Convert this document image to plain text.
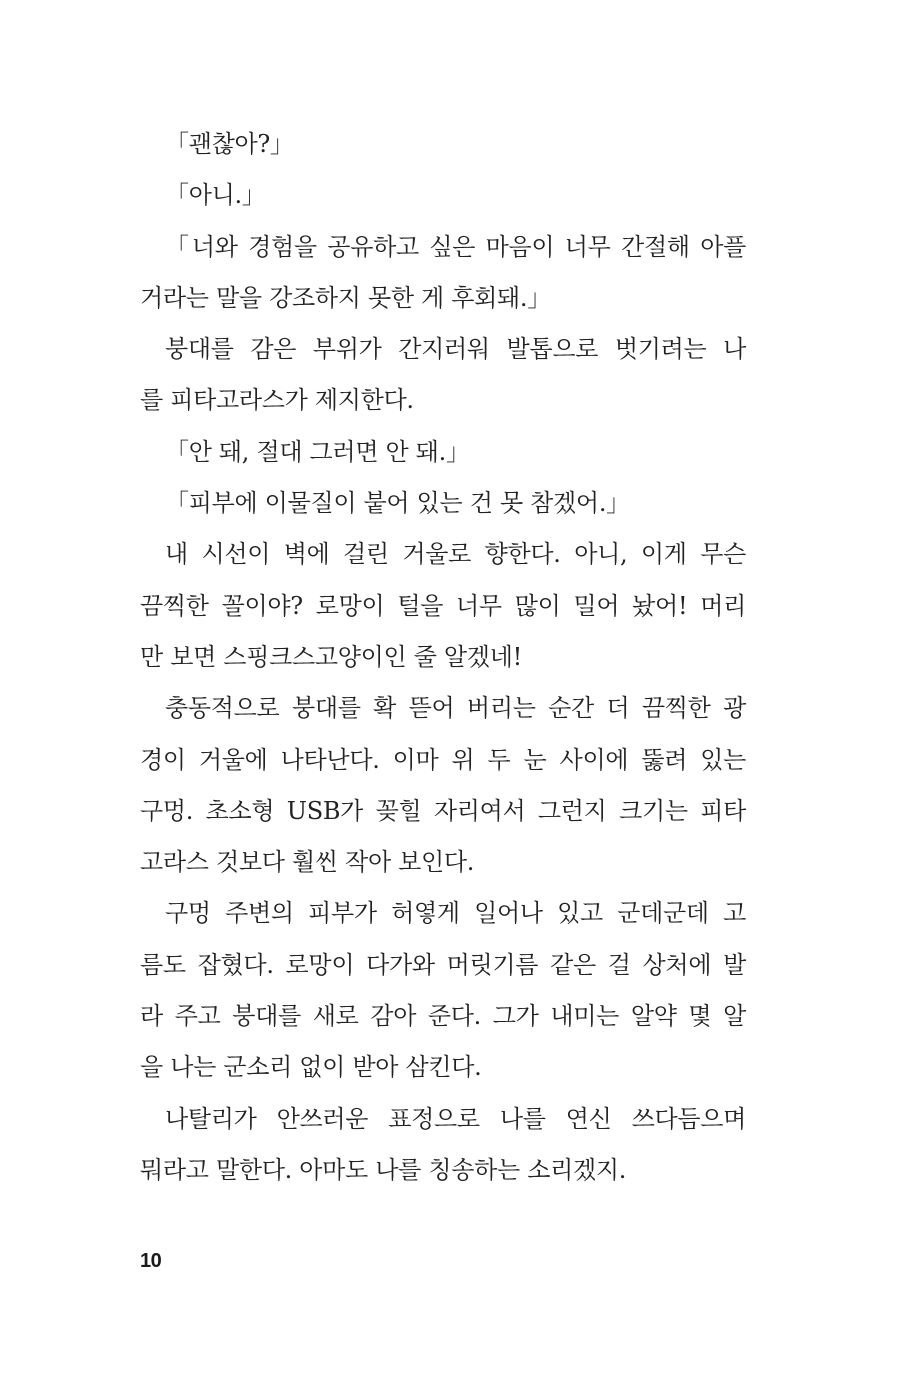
「괜찮아?」
「아니.」
「너와 경험을 공유하고 싶은 마음이 너무 간절해 아플
거라는 말을 강조하지 못한 게 후회돼.」
붕대를 감은 부위가 간지러워 발톱으로 벗기려는 나
를 피타고라스가 제지한다.
「안 돼, 절대 그러면 안 돼.」
「피부에 이물질이 붙어 있는 건 못 참겠어.」
내 시선이 벽에 걸린 거울로 향한다. 아니, 이게 무슨
끔찍한 꼴이야? 로망이 털을 너무 많이 밀어 놨어! 머리
만 보면 스핑크스고양이인 줄 알겠네!
충동적으로 붕대를 확 뜯어 버리는 순간 더 끔찍한 광
경이 거울에 나타난다. 이마 위 두 눈 사이에 뚫려 있는
구멍. 초소형 USB가 꽂힐 자리여서 그런지 크기는 피타
고라스 것보다 훨씬 작아 보인다.
구멍 주변의 피부가 허옇게 일어나 있고 군데군데 고
름도 잡혔다. 로망이 다가와 머릿기름 같은 걸 상처에 발
라 주고 붕대를 새로 감아 준다. 그가 내미는 알약 몇 알
을 나는 군소리 없이 받아 삼킨다.
나탈리가 안쓰러운 표정으로 나를 연신 쓰다듬으며
뭐라고 말한다. 아마도 나를 칭송하는 소리겠지.
10
